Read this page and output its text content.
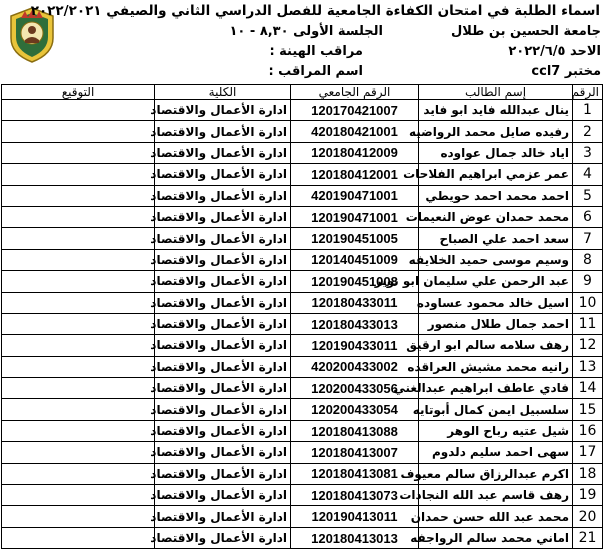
اسماء الطلبة في امتحان الكفاءة الجامعية للفصل الدراسي الثاني والصيفي ٢٠٢٢/٢٠٢١
جامعة الحسين بن طلال
الجلسة الأولى ٨,٣٠ - ١٠
الاحد ٢٠٢٢/٦/٥
مراقب الهينة :
مختبر ccl7
اسم المراقب :
الرقم	إسم الطالب	الرقم الجامعي	الكلية	التوقيع
1	ينال عبدالله فايد ابو فايد	120170421007	ادارة الأعمال والاقتصاد	
2	رفيده صايل محمد الرواضيه	420180421001	ادارة الأعمال والاقتصاد	
3	اياد خالد جمال عواوده	120180412009	ادارة الأعمال والاقتصاد	
4	عمر عزمي ابراهيم الفلاحات	120180412001	ادارة الأعمال والاقتصاد	
5	احمد محمد احمد حويطي	420190471001	ادارة الأعمال والاقتصاد	
6	محمد حمدان عوض النعيمات	120190471001	ادارة الأعمال والاقتصاد	
7	سعد احمد علي الصباح	120190451005	ادارة الأعمال والاقتصاد	
8	وسيم موسى حميد الخلايفه	120140451009	ادارة الأعمال والاقتصاد	
9	عبد الرحمن علي سليمان ابو نوير	120190451008	ادارة الأعمال والاقتصاد	
10	اسيل خالد محمود عساوده	120180433011	ادارة الأعمال والاقتصاد	
11	احمد جمال طلال منصور	120180433013	ادارة الأعمال والاقتصاد	
12	رهف سلامه سالم ابو ارقيق	120190433011	ادارة الأعمال والاقتصاد	
13	رانيه محمد مشيش العراقده	420200433002	ادارة الأعمال والاقتصاد	
14	فادي عاطف ابراهيم عبدالغني	120200433056	ادارة الأعمال والاقتصاد	
15	سلسبيل ايمن كمال أبوتايه	120200433054	ادارة الأعمال والاقتصاد	
16	شيل عتيه رباح الوهر	120180413088	ادارة الأعمال والاقتصاد	
17	سهى احمد سليم دلدوم	120180413007	ادارة الأعمال والاقتصاد	
18	اكرم عبدالرزاق سالم معيوف	120180413081	ادارة الأعمال والاقتصاد	
19	رهف قاسم عبد الله النجادات	120180413073	ادارة الأعمال والاقتصاد	
20	محمد عبد الله حسن حمدان	120190413011	ادارة الأعمال والاقتصاد	
21	اماني محمد سالم الرواجفه	120180413013	ادارة الأعمال والاقتصاد	
